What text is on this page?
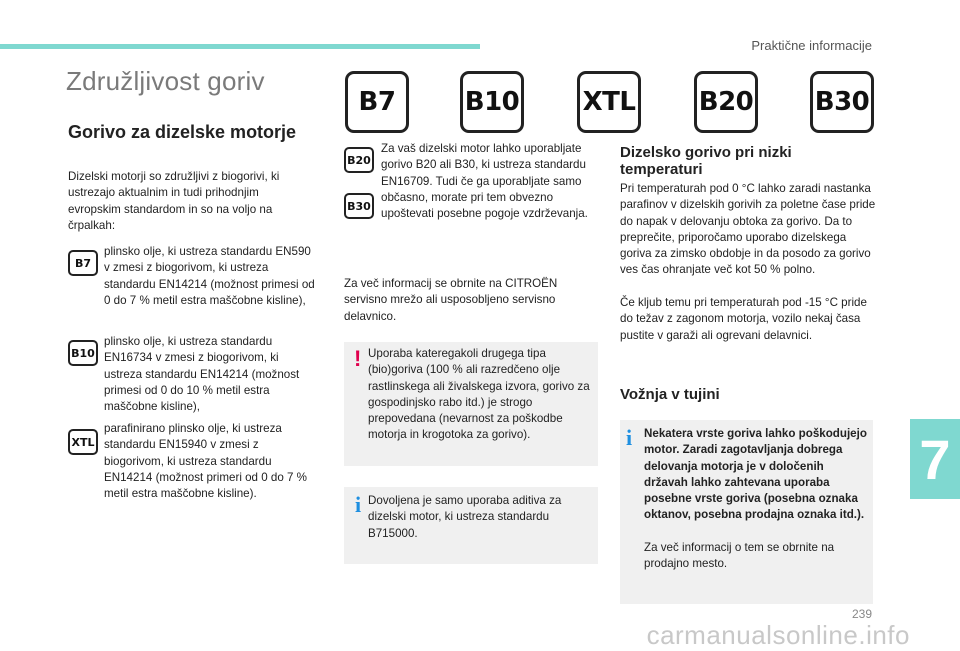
Praktične informacije
Združljivost goriv
Gorivo za dizelske motorje
Dizelski motorji so združljivi z biogorivi, ki ustrezajo aktualnim in tudi prihodnjim evropskim standardom in so na voljo na črpalkah:
B7
plinsko olje, ki ustreza standardu EN590 v zmesi z biogorivom, ki ustreza standardu EN14214 (možnost primesi od 0 do 7 % metil estra maščobne kisline),
B10
plinsko olje, ki ustreza standardu EN16734 v zmesi z biogorivom, ki ustreza standardu EN14214 (možnost primesi od 0 do 10 % metil estra maščobne kisline),
XTL
parafinirano plinsko olje, ki ustreza standardu EN15940 v zmesi z biogorivom, ki ustreza standardu EN14214 (možnost primeri od 0 do 7 % metil estra maščobne kisline).
B7	B10 XTL B20 B30
B20
B30
Za vaš dizelski motor lahko uporabljate gorivo B20 ali B30, ki ustreza standardu EN16709. Tudi če ga uporabljate samo občasno, morate pri tem obvezno upoštevati posebne pogoje vzdrževanja.
Za več informacij se obrnite na CITROËN servisno mrežo ali usposobljeno servisno delavnico.
! Uporaba kateregakoli drugega tipa (bio)goriva (100 % ali razredčeno olje rastlinskega ali živalskega izvora, gorivo za gospodinjsko rabo itd.) je strogo prepovedana (nevarnost za poškodbe motorja in krogotoka za gorivo).
i Dovoljena je samo uporaba aditiva za dizelski motor, ki ustreza standardu B715000.
Dizelsko gorivo pri nizki temperaturi
Pri temperaturah pod 0 °C lahko zaradi nastanka parafinov v dizelskih gorivih za poletne čase pride do napak v delovanju obtoka za gorivo. Da to preprečite, priporočamo uporabo dizelskega goriva za zimsko obdobje in da posodo za gorivo ves čas ohranjate več kot 50 % polno.
Če kljub temu pri temperaturah pod -15 °C pride do težav z zagonom motorja, vozilo nekaj časa pustite v garaži ali ogrevani delavnici.
Vožnja v tujini
i Nekatera vrste goriva lahko poškodujejo motor. Zaradi zagotavljanja dobrega delovanja motorja je v določenih državah lahko zahtevana uporaba posebne vrste goriva (posebna oznaka oktanov, posebna prodajna oznaka itd.).
Za več informacij o tem se obrnite na prodajno mesto.
7
239
carmanualsonline.info
